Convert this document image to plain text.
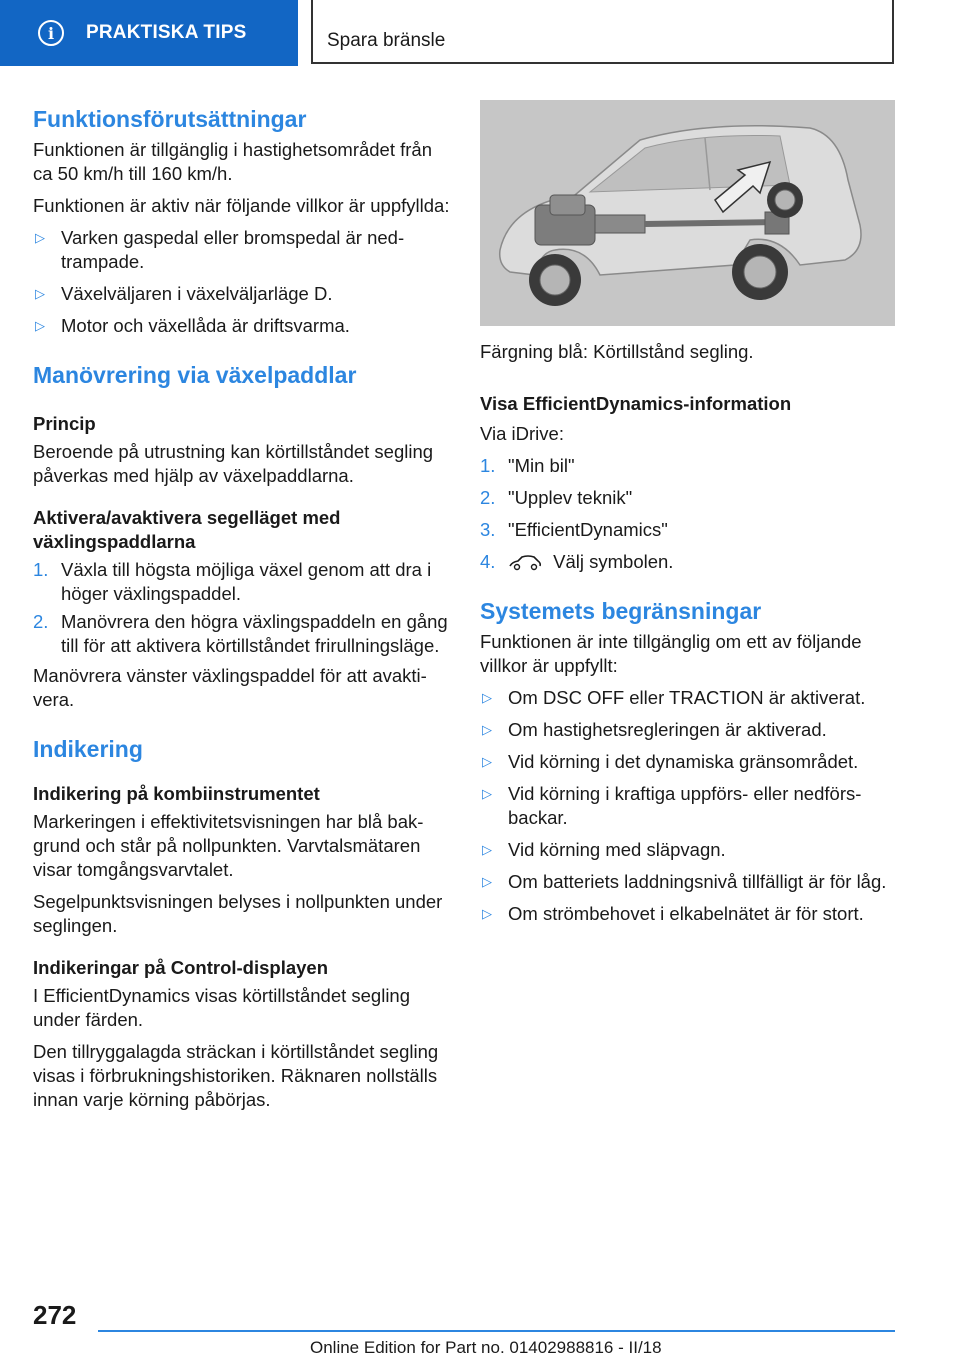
i	PRAKTISKA TIPS	Spara bränsle
Funktionsförutsättningar

Funktionen är tillgänglig i hastighetsområdet från ca 50 km/h till 160 km/h.

Funktionen är aktiv när följande villkor är uppfyllda:

▷ Varken gaspedal eller bromspedal är nedtrampade.
▷ Växelväljaren i växelväljarläge D.
▷ Motor och växellåda är driftsvarma.
Manövrering via växelpaddlar
Princip

Beroende på utrustning kan körtillståndet segling påverkas med hjälp av växelpaddlarna.

Aktivera/avaktivera segelläget med växlingspaddlarna
1. Växla till högsta möjliga växel genom att dra i höger växlingspaddel.
2. Manövrera den högra växlingspaddeln en gång till för att aktivera körtillståndet frirullningsläge.

Manövrera vänster växlingspaddel för att avaktivera.

Indikering
Indikering på kombiinstrumentet

Markeringen i effektivitetsvisningen har blå bakgrund och står på nollpunkten. Varvtalsmätaren visar tomgångsvarvtalet.

Segelpunktsvisningen belyses i nollpunkten under seglingen.

Indikeringar på Control-displayen

I EfficientDynamics visas körtillståndet segling under färden.

Den tillryggalagda sträckan i körtillståndet segling visas i förbrukningshistoriken. Räknaren nollställs innan varje körning påbörjas.

Färgning blå: Körtillstånd segling.

Visa EfficientDynamics-information

Via iDrive:

1. "Min bil"
2. "Upplev teknik"
3. "EfficientDynamics"
4.	Välj symbolen.
Systemets begränsningar

Funktionen är inte tillgänglig om ett av följande villkor är uppfyllt:

▷ Om DSC OFF eller TRACTION är aktiverat.
▷ Om hastighetsregleringen är aktiverad.
▷ Vid körning i det dynamiska gränsområdet.
▷ Vid körning i kraftiga uppförs- eller nedförsbackar.
▷ Vid körning med släpvagn.
▷ Om batteriets laddningsnivå tillfälligt är för låg.
▷ Om strömbehovet i elkabelnätet är för stort.
272
Online Edition for Part no. 01402988816 - II/18
